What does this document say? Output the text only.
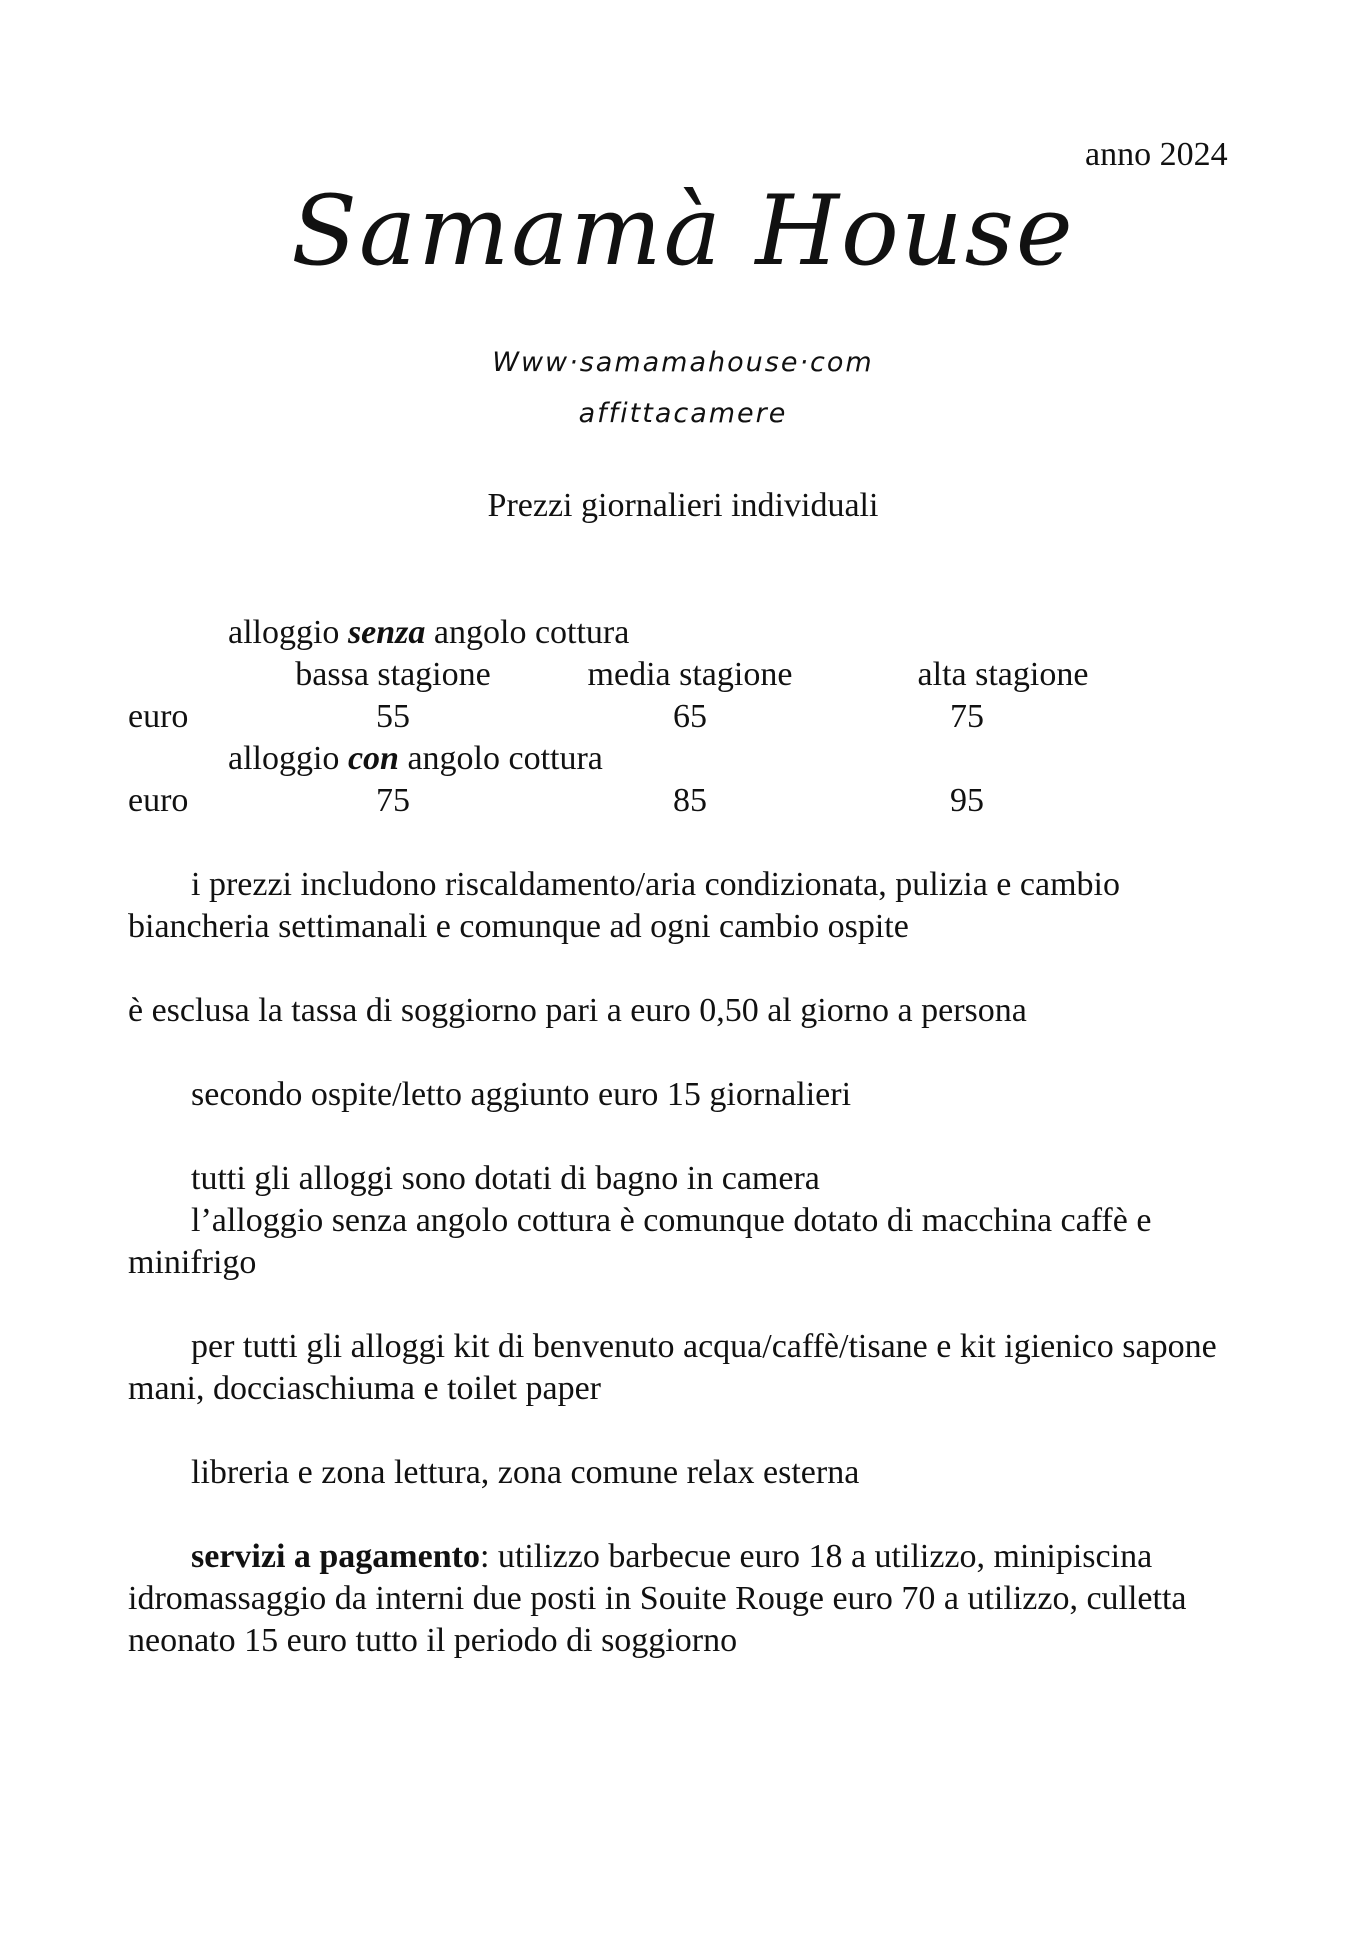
anno 2024
Samamà House
Www·samamahouse·com
affittacamere
Prezzi giornalieri individuali
alloggio senza angolo cottura
bassa stagione	media stagione	alta stagione
euro	55	65	75
alloggio con angolo cottura
euro	75	85	95
i prezzi includono riscaldamento/aria condizionata, pulizia e cambio biancheria settimanali e comunque ad ogni cambio ospite
è esclusa la tassa di soggiorno pari a euro 0,50 al giorno a persona
secondo ospite/letto aggiunto euro 15 giornalieri
tutti gli alloggi sono dotati di bagno in camera
l’alloggio senza angolo cottura è comunque dotato di macchina caffè e minifrigo
per tutti gli alloggi kit di benvenuto acqua/caffè/tisane e kit igienico sapone mani, docciaschiuma e toilet paper
libreria e zona lettura, zona comune relax esterna
servizi a pagamento: utilizzo barbecue euro 18 a utilizzo, minipiscina idromassaggio da interni due posti in Souite Rouge euro 70 a utilizzo, culletta neonato 15 euro tutto il periodo di soggiorno
